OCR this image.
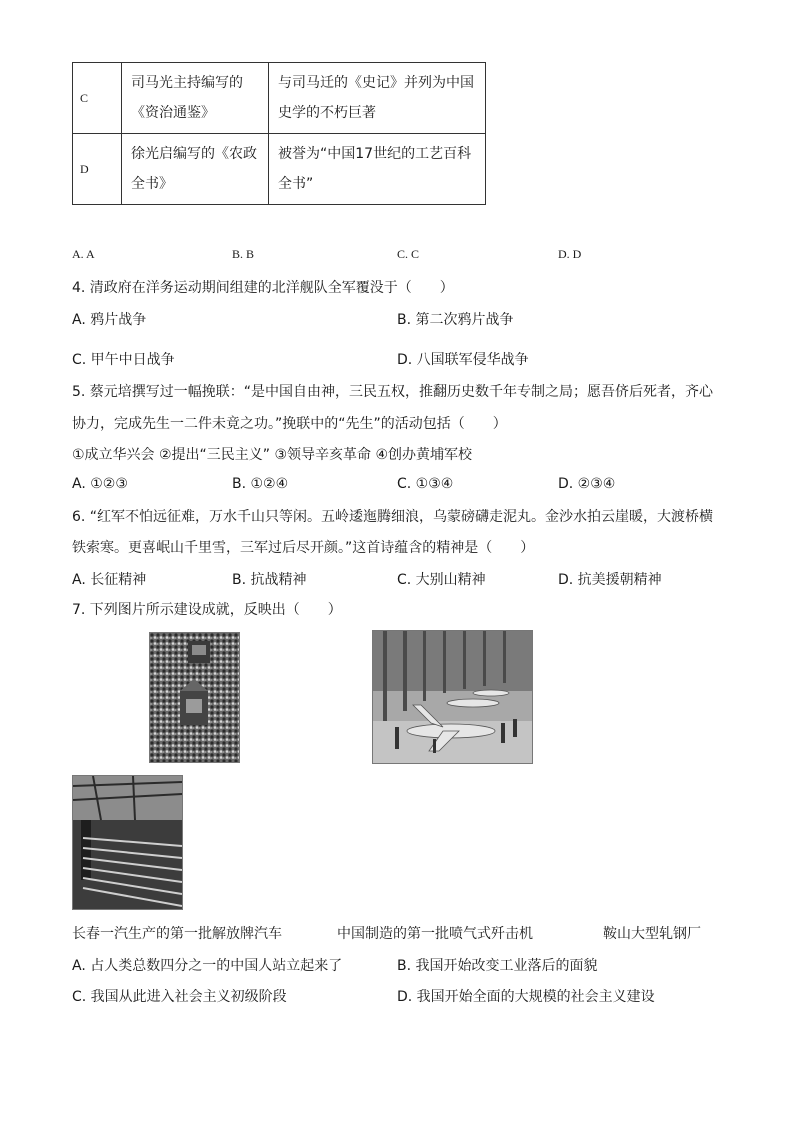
C	司马光主持编写的《资治通鉴》	与司马迁的《史记》并列为中国史学的不朽巨著
D	徐光启编写的《农政全书》	被誉为“中国17世纪的工艺百科全书”
A. A	B. B	C. C	D. D
4. 清政府在洋务运动期间组建的北洋舰队全军覆没于（　　）
A. 鸦片战争	B. 第二次鸦片战争
C. 甲午中日战争	D. 八国联军侵华战争
5. 蔡元培撰写过一幅挽联：“是中国自由神，三民五权，推翻历史数千年专制之局；愿吾侪后死者，齐心
协力，完成先生一二件未竟之功。”挽联中的“先生”的活动包括（　　）
①成立华兴会 ②提出“三民主义” ③领导辛亥革命 ④创办黄埔军校
A. ①②③	B. ①②④	C. ①③④	D. ②③④
6. “红军不怕远征难，万水千山只等闲。五岭逶迤腾细浪，乌蒙磅礴走泥丸。金沙水拍云崖暖，大渡桥横
铁索寒。更喜岷山千里雪，三军过后尽开颜。”这首诗蕴含的精神是（　　）
A. 长征精神	B. 抗战精神	C. 大别山精神	D. 抗美援朝精神
7. 下列图片所示建设成就，反映出（　　）
长春一汽生产的第一批解放牌汽车	中国制造的第一批喷气式歼击机	鞍山大型轧钢厂
A. 占人类总数四分之一的中国人站立起来了	B. 我国开始改变工业落后的面貌
C. 我国从此进入社会主义初级阶段	D. 我国开始全面的大规模的社会主义建设
